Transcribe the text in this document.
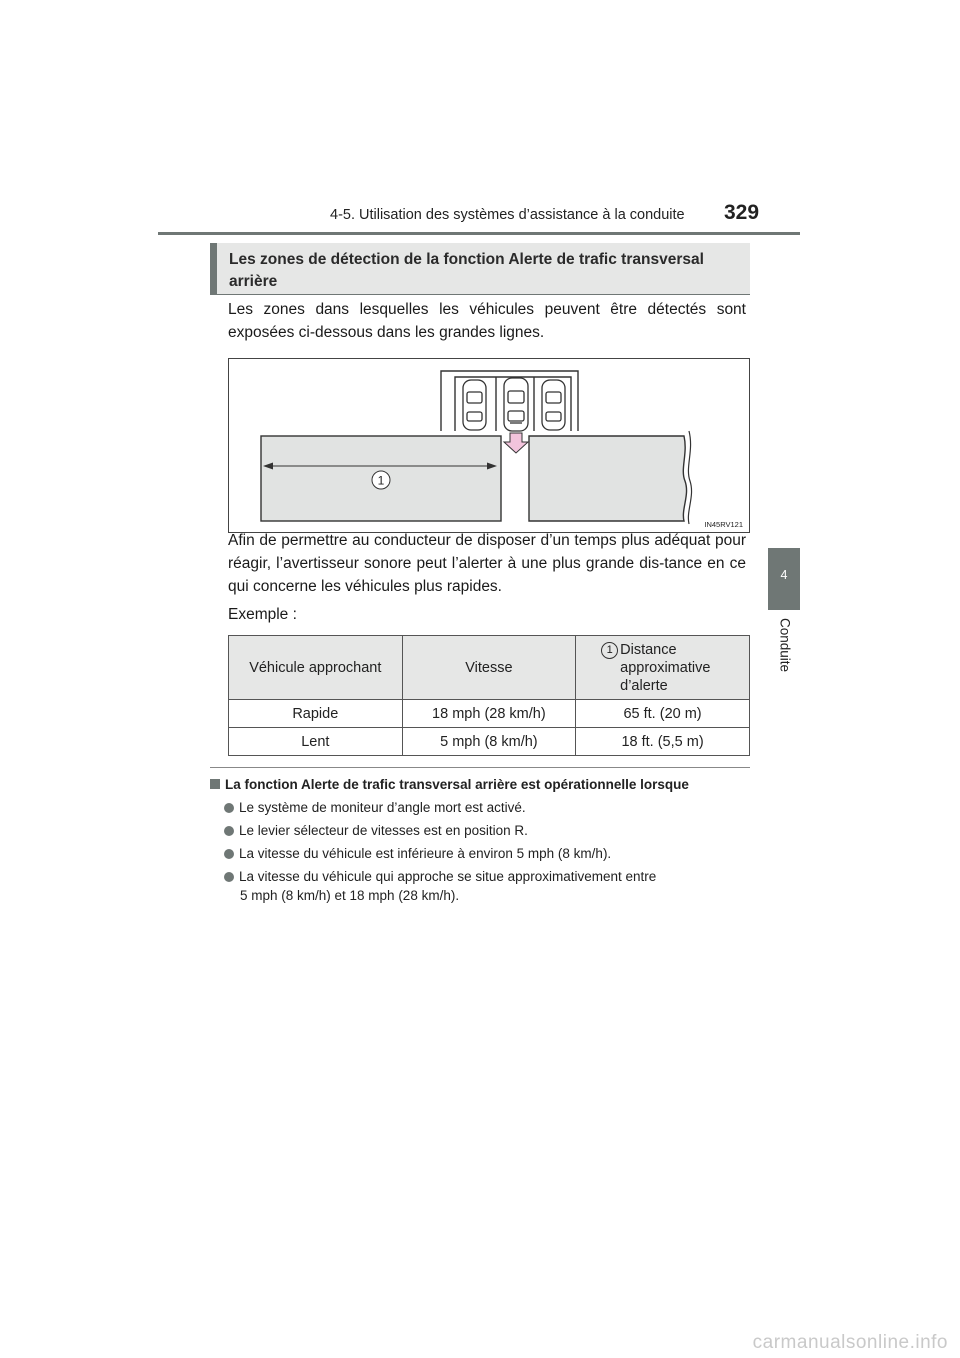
4-5. Utilisation des systèmes d’assistance à la conduite 329
4
Conduite
Les zones de détection de la fonction Alerte de trafic transversal arrière
Les zones dans lesquelles les véhicules peuvent être détectés sont exposées ci-dessous dans les grandes lignes.
1
IN45RV121
Afin de permettre au conducteur de disposer d’un temps plus adéquat pour réagir, l’avertisseur sonore peut l’alerter à une plus grande dis-tance en ce qui concerne les véhicules plus rapides.
Exemple :
Véhicule approchant	Vitesse	1 Distance approximative d’alerte

Rapide	18 mph (28 km/h)	65 ft. (20 m)
Lent	5 mph (8 km/h)	18 ft. (5,5 m)
La fonction Alerte de trafic transversal arrière est opérationnelle lorsque
Le système de moniteur d’angle mort est activé.
Le levier sélecteur de vitesses est en position R.
La vitesse du véhicule est inférieure à environ 5 mph (8 km/h).
La vitesse du véhicule qui approche se situe approximativement entre
5 mph (8 km/h) et 18 mph (28 km/h).
carmanualsonline.info
